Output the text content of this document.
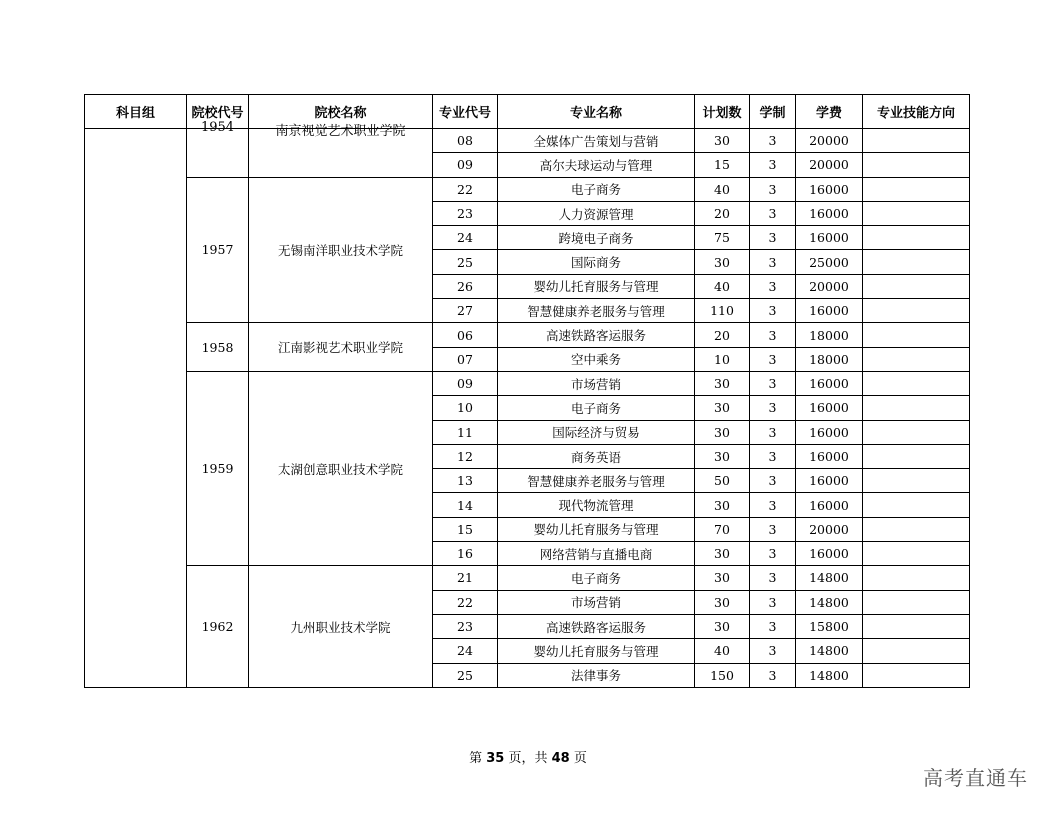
科目组	院校代号	院校名称	专业代号	专业名称	计划数	学制	学费	专业技能方向

	1954	南京视觉艺术职业学院	08	全媒体广告策划与营销	30	3	20000	
			09	高尔夫球运动与管理	15	3	20000	
	1957	无锡南洋职业技术学院	22	电子商务	40	3	16000	
			23	人力资源管理	20	3	16000	
			24	跨境电子商务	75	3	16000	
			25	国际商务	30	3	25000	
			26	婴幼儿托育服务与管理	40	3	20000	
			27	智慧健康养老服务与管理	110	3	16000	
	1958	江南影视艺术职业学院	06	高速铁路客运服务	20	3	18000	
			07	空中乘务	10	3	18000	
	1959	太湖创意职业技术学院	09	市场营销	30	3	16000	
			10	电子商务	30	3	16000	
			11	国际经济与贸易	30	3	16000	
			12	商务英语	30	3	16000	
			13	智慧健康养老服务与管理	50	3	16000	
			14	现代物流管理	30	3	16000	
			15	婴幼儿托育服务与管理	70	3	20000	
			16	网络营销与直播电商	30	3	16000	
	1962	九州职业技术学院	21	电子商务	30	3	14800	
			22	市场营销	30	3	14800	
			23	高速铁路客运服务	30	3	15800	
			24	婴幼儿托育服务与管理	40	3	14800	
			25	法律事务	150	3	14800	
第 35 页，共 48 页
高考直通车
